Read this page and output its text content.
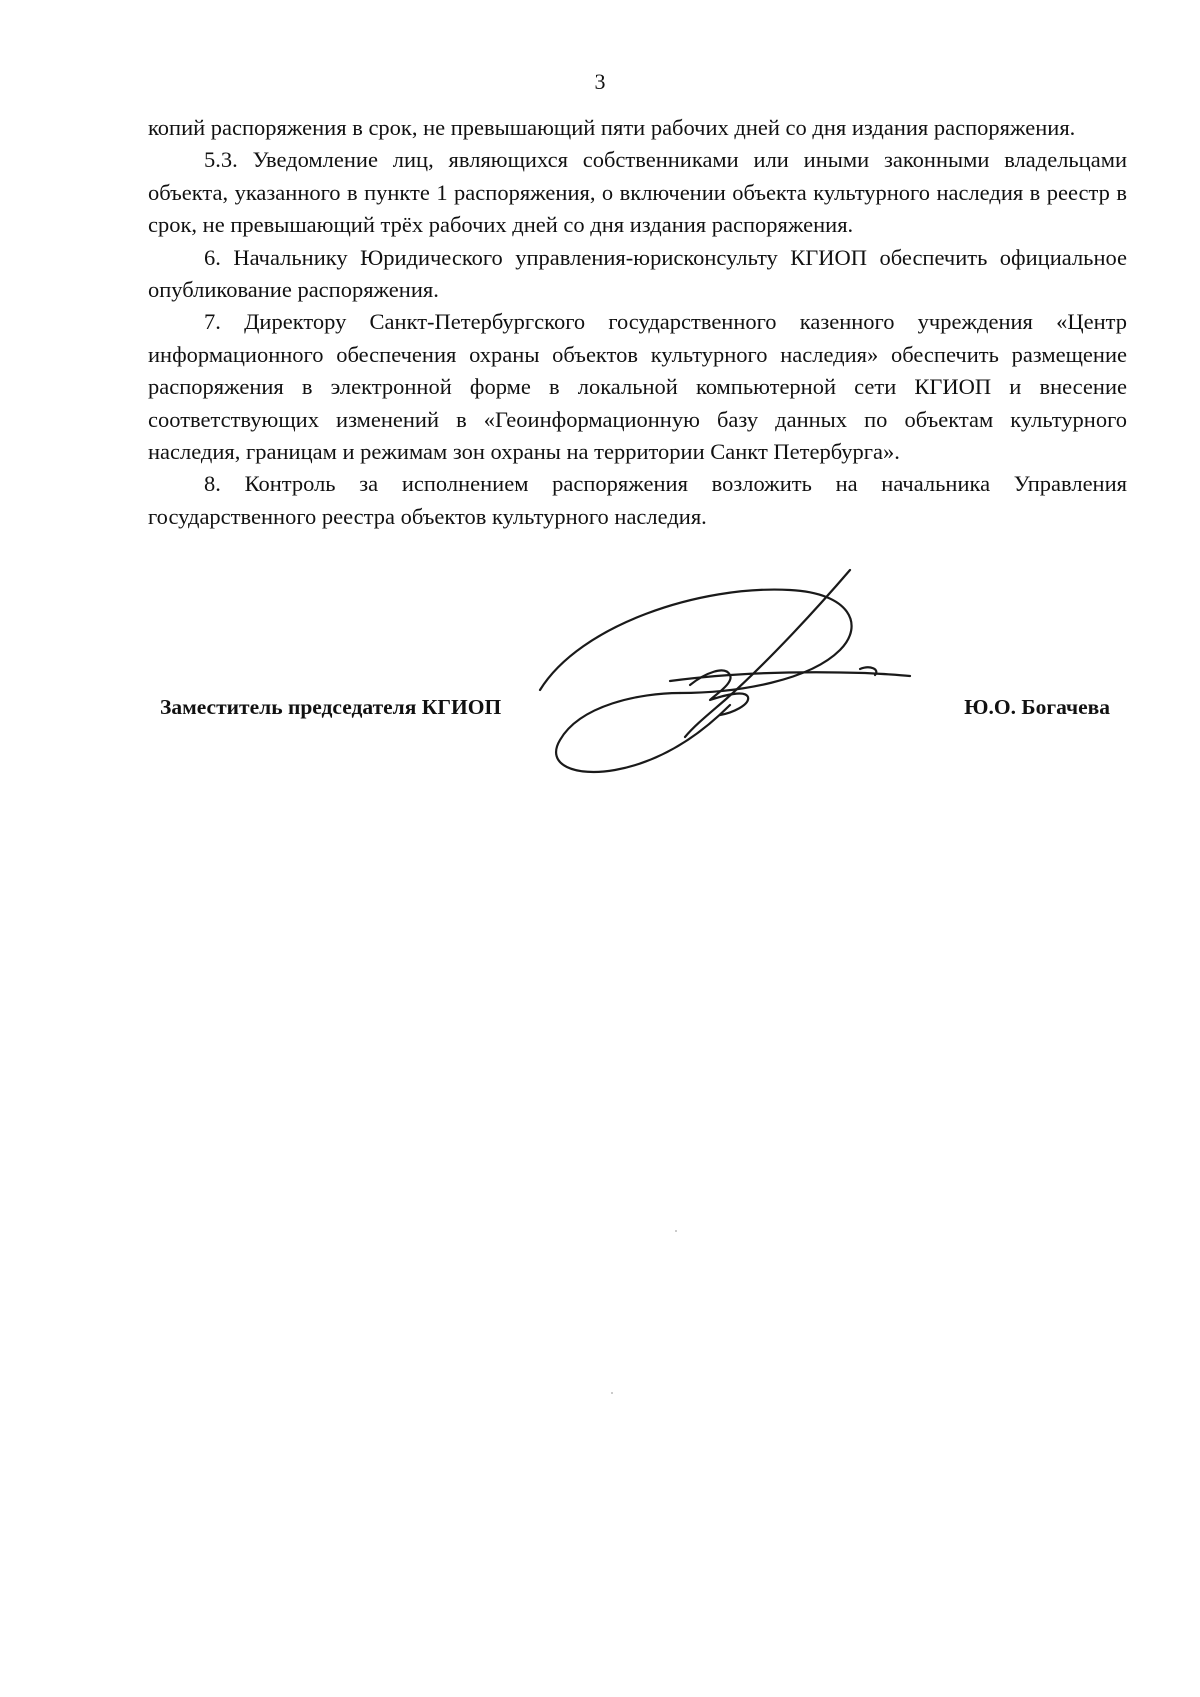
3

копий распоряжения в срок, не превышающий пяти рабочих дней со дня издания распоряжения.

5.3. Уведомление лиц, являющихся собственниками или иными законными владельцами объекта, указанного в пункте 1 распоряжения, о включении объекта культурного наследия в реестр в срок, не превышающий трёх рабочих дней со дня издания распоряжения.

6. Начальнику Юридического управления-юрисконсульту КГИОП обеспечить официальное опубликование распоряжения.

7. Директору Санкт-Петербургского государственного казенного учреждения «Центр информационного обеспечения охраны объектов культурного наследия» обеспечить размещение распоряжения в электронной форме в локальной компьютерной сети КГИОП и внесение соответствующих изменений в «Геоинформационную базу данных по объектам культурного наследия, границам и режимам зон охраны на территории Санкт Петербурга».

8. Контроль за исполнением распоряжения возложить на начальника Управления государственного реестра объектов культурного наследия.

Заместитель председателя КГИОП	Ю.О. Богачева
